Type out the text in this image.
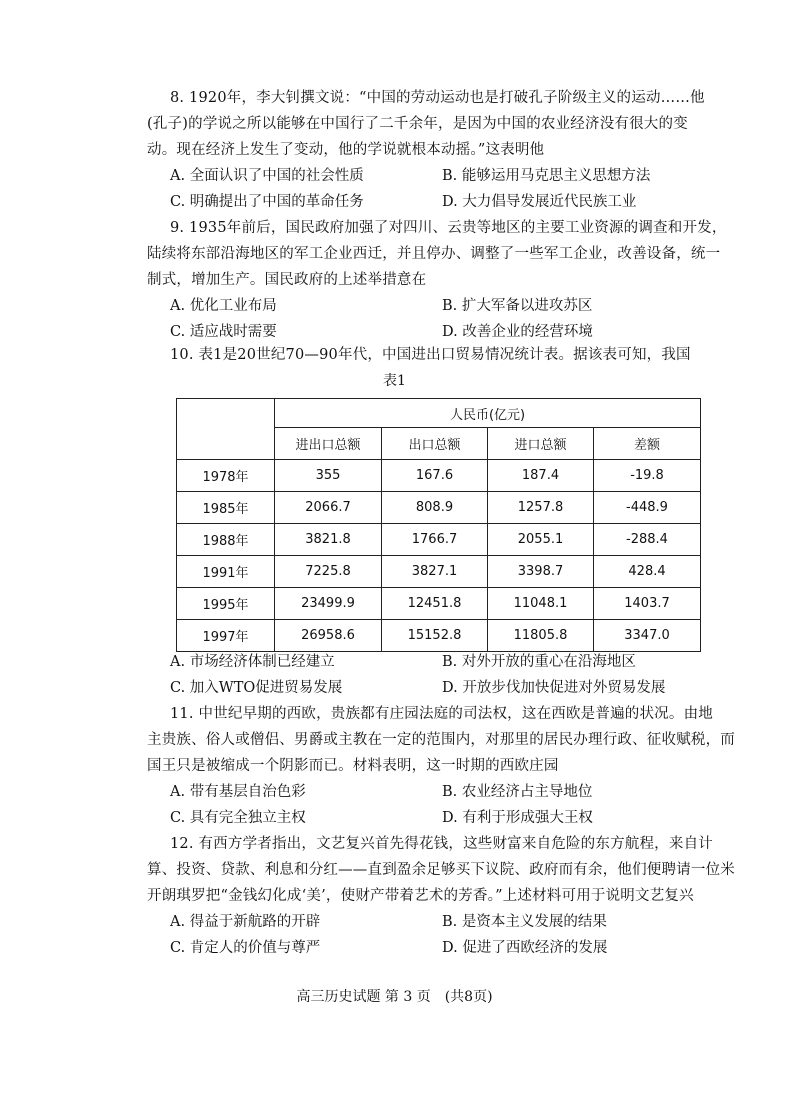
8. 1920年，李大钊撰文说：“中国的劳动运动也是打破孔子阶级主义的运动……他
(孔子)的学说之所以能够在中国行了二千余年，是因为中国的农业经济没有很大的变
动。现在经济上发生了变动，他的学说就根本动摇。”这表明他
A. 全面认识了中国的社会性质	B. 能够运用马克思主义思想方法
C. 明确提出了中国的革命任务	D. 大力倡导发展近代民族工业
9. 1935年前后，国民政府加强了对四川、云贵等地区的主要工业资源的调查和开发，
陆续将东部沿海地区的军工企业西迁，并且停办、调整了一些军工企业，改善设备，统一
制式，增加生产。国民政府的上述举措意在
A. 优化工业布局	B. 扩大军备以进攻苏区
C. 适应战时需要	D. 改善企业的经营环境
10. 表1是20世纪70—90年代，中国进出口贸易情况统计表。据该表可知，我国
表1
	人民币(亿元)			
	进出口总额	出口总额	进口总额	差额
1978年	355	167.6	187.4	-19.8
1985年	2066.7	808.9	1257.8	-448.9
1988年	3821.8	1766.7	2055.1	-288.4
1991年	7225.8	3827.1	3398.7	428.4
1995年	23499.9	12451.8	11048.1	1403.7
1997年	26958.6	15152.8	11805.8	3347.0
A. 市场经济体制已经建立	B. 对外开放的重心在沿海地区
C. 加入WTO促进贸易发展	D. 开放步伐加快促进对外贸易发展
11. 中世纪早期的西欧，贵族都有庄园法庭的司法权，这在西欧是普遍的状况。由地
主贵族、俗人或僧侣、男爵或主教在一定的范围内，对那里的居民办理行政、征收赋税，而
国王只是被缩成一个阴影而已。材料表明，这一时期的西欧庄园
A. 带有基层自治色彩	B. 农业经济占主导地位
C. 具有完全独立主权	D. 有利于形成强大王权
12. 有西方学者指出，文艺复兴首先得花钱，这些财富来自危险的东方航程，来自计
算、投资、贷款、利息和分红——直到盈余足够买下议院、政府而有余，他们便聘请一位米
开朗琪罗把“金钱幻化成‘美’，使财产带着艺术的芳香。”上述材料可用于说明文艺复兴
A. 得益于新航路的开辟	B. 是资本主义发展的结果
C. 肯定人的价值与尊严	D. 促进了西欧经济的发展
高三历史试题 第 3 页　(共8页)
